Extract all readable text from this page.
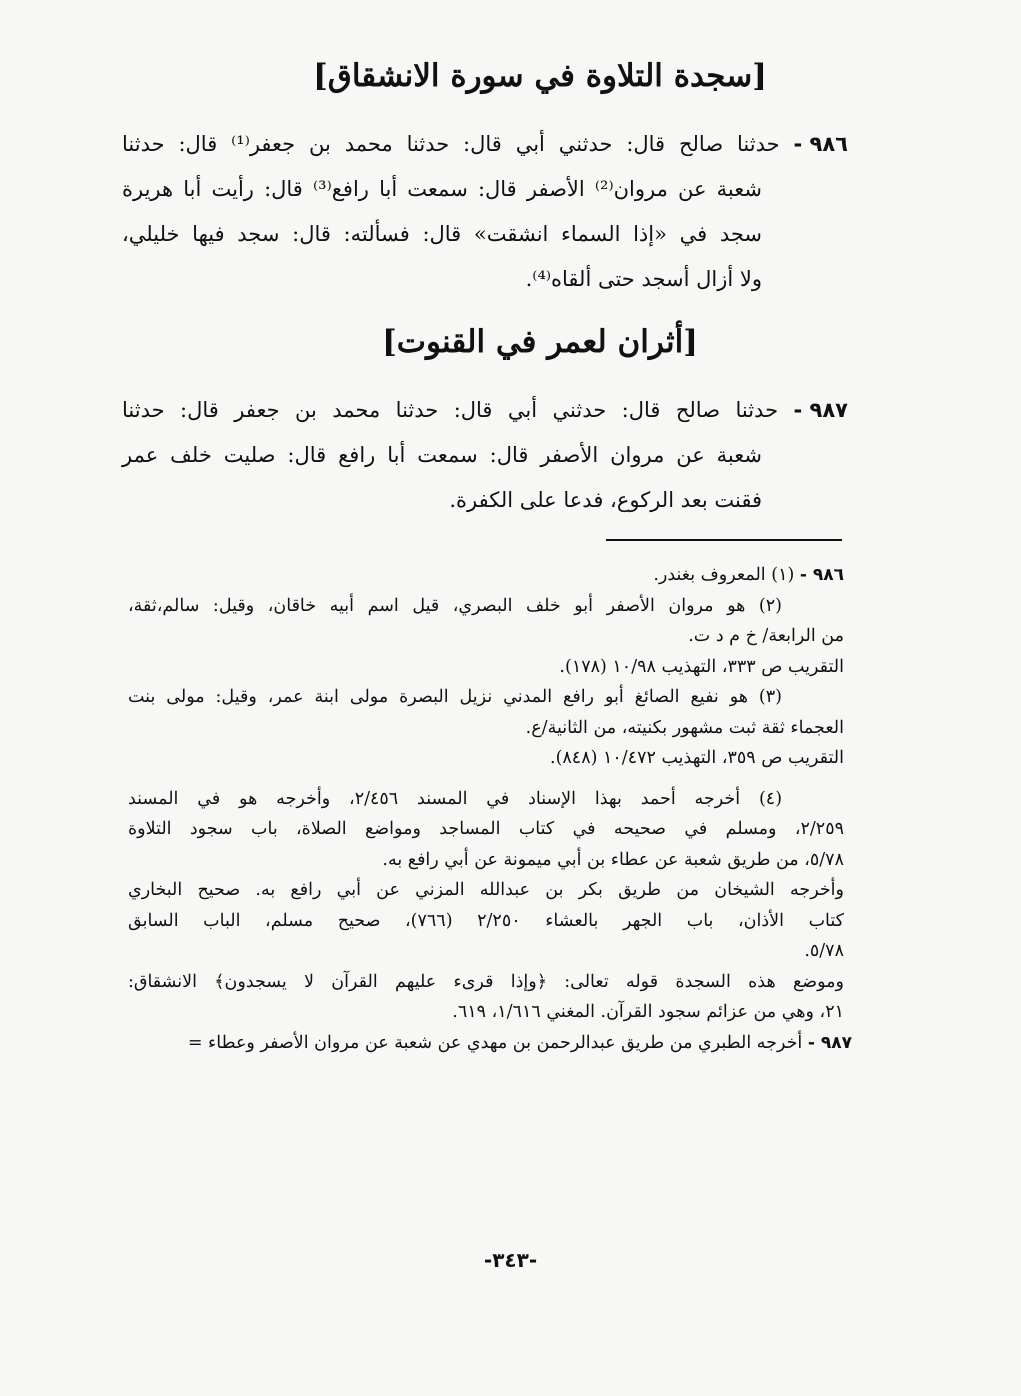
[سجدة التلاوة في سورة الانشقاق]
٩٨٦ - حدثنا صالح قال: حدثني أبي قال: حدثنا محمد بن جعفر⁽¹⁾ قال: حدثنا
شعبة عن مروان⁽²⁾ الأصفر قال: سمعت أبا رافع⁽³⁾ قال: رأيت أبا هريرة
سجد في «إذا السماء انشقت» قال: فسألته: قال: سجد فيها خليلي،
ولا أزال أسجد حتى ألقاه⁽⁴⁾.
[أثران لعمر في القنوت]
٩٨٧ - حدثنا صالح قال: حدثني أبي قال: حدثنا محمد بن جعفر قال: حدثنا
شعبة عن مروان الأصفر قال: سمعت أبا رافع قال: صليت خلف عمر
فقنت بعد الركوع، فدعا على الكفرة.
٩٨٦ - (١) المعروف بغندر.
(٢) هو مروان الأصفر أبو خلف البصري، قيل اسم أبيه خاقان، وقيل: سالم،ثقة،
من الرابعة/ خ م د ت.
التقريب ص ٣٣٣، التهذيب ١٠/٩٨ (١٧٨).
(٣) هو نفيع الصائغ أبو رافع المدني نزيل البصرة مولى ابنة عمر، وقيل: مولى بنت
العجماء ثقة ثبت مشهور بكنيته، من الثانية/ع.
التقريب ص ٣٥٩، التهذيب ١٠/٤٧٢ (٨٤٨).
(٤) أخرجه أحمد بهذا الإسناد في المسند ٢/٤٥٦، وأخرجه هو في المسند
٢/٢٥٩، ومسلم في صحيحه في كتاب المساجد ومواضع الصلاة، باب سجود التلاوة
٥/٧٨، من طريق شعبة عن عطاء بن أبي ميمونة عن أبي رافع به.
وأخرجه الشيخان من طريق بكر بن عبدالله المزني عن أبي رافع به. صحيح البخاري
كتاب الأذان، باب الجهر بالعشاء ٢/٢٥٠ (٧٦٦)، صحيح مسلم، الباب السابق
٥/٧٨.
وموضع هذه السجدة قوله تعالى: ﴿وإذا قرىء عليهم القرآن لا يسجدون﴾ الانشقاق:
٢١، وهي من عزائم سجود القرآن. المغني ١/٦١٦، ٦١٩.
٩٨٧ - أخرجه الطبري من طريق عبدالرحمن بن مهدي عن شعبة عن مروان الأصفر وعطاء =
-٣٤٣-
